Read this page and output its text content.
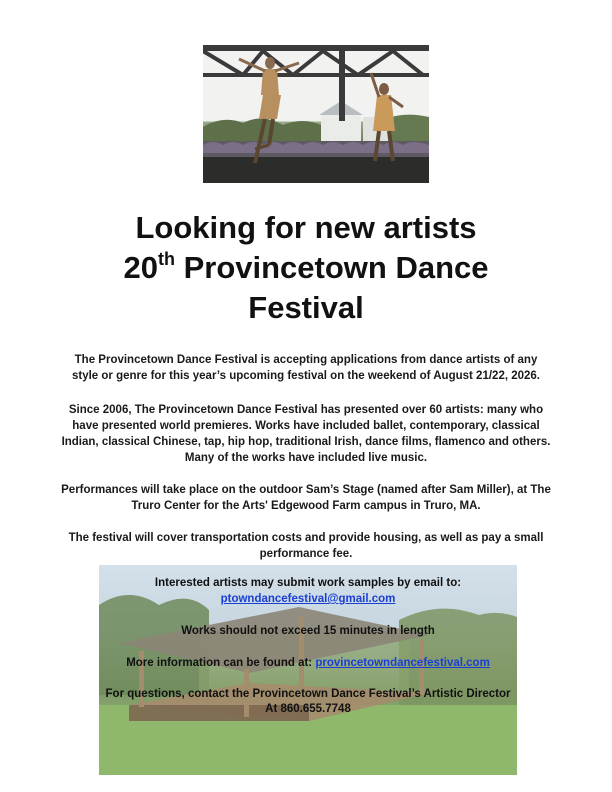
Looking for new artists
20th Provincetown Dance
Festival

The Provincetown Dance Festival is accepting applications from dance artists of any style or genre for this year’s upcoming festival on the weekend of August 21/22, 2026.

Since 2006, The Provincetown Dance Festival has presented over 60 artists: many who have presented world premieres. Works have included ballet, contemporary, classical Indian, classical Chinese, tap, hip hop, traditional Irish, dance films, flamenco and others. Many of the works have included live music.

Performances will take place on the outdoor Sam’s Stage (named after Sam Miller), at The Truro Center for the Arts' Edgewood Farm campus in Truro, MA.

The festival will cover transportation costs and provide housing, as well as pay a small performance fee.

Interested artists may submit work samples by email to:

ptowndancefestival@gmail.com

Works should not exceed 15 minutes in length

More information can be found at: provincetowndancefestival.com

For questions, contact the Provincetown Dance Festival’s Artistic Director

At 860.655.7748
